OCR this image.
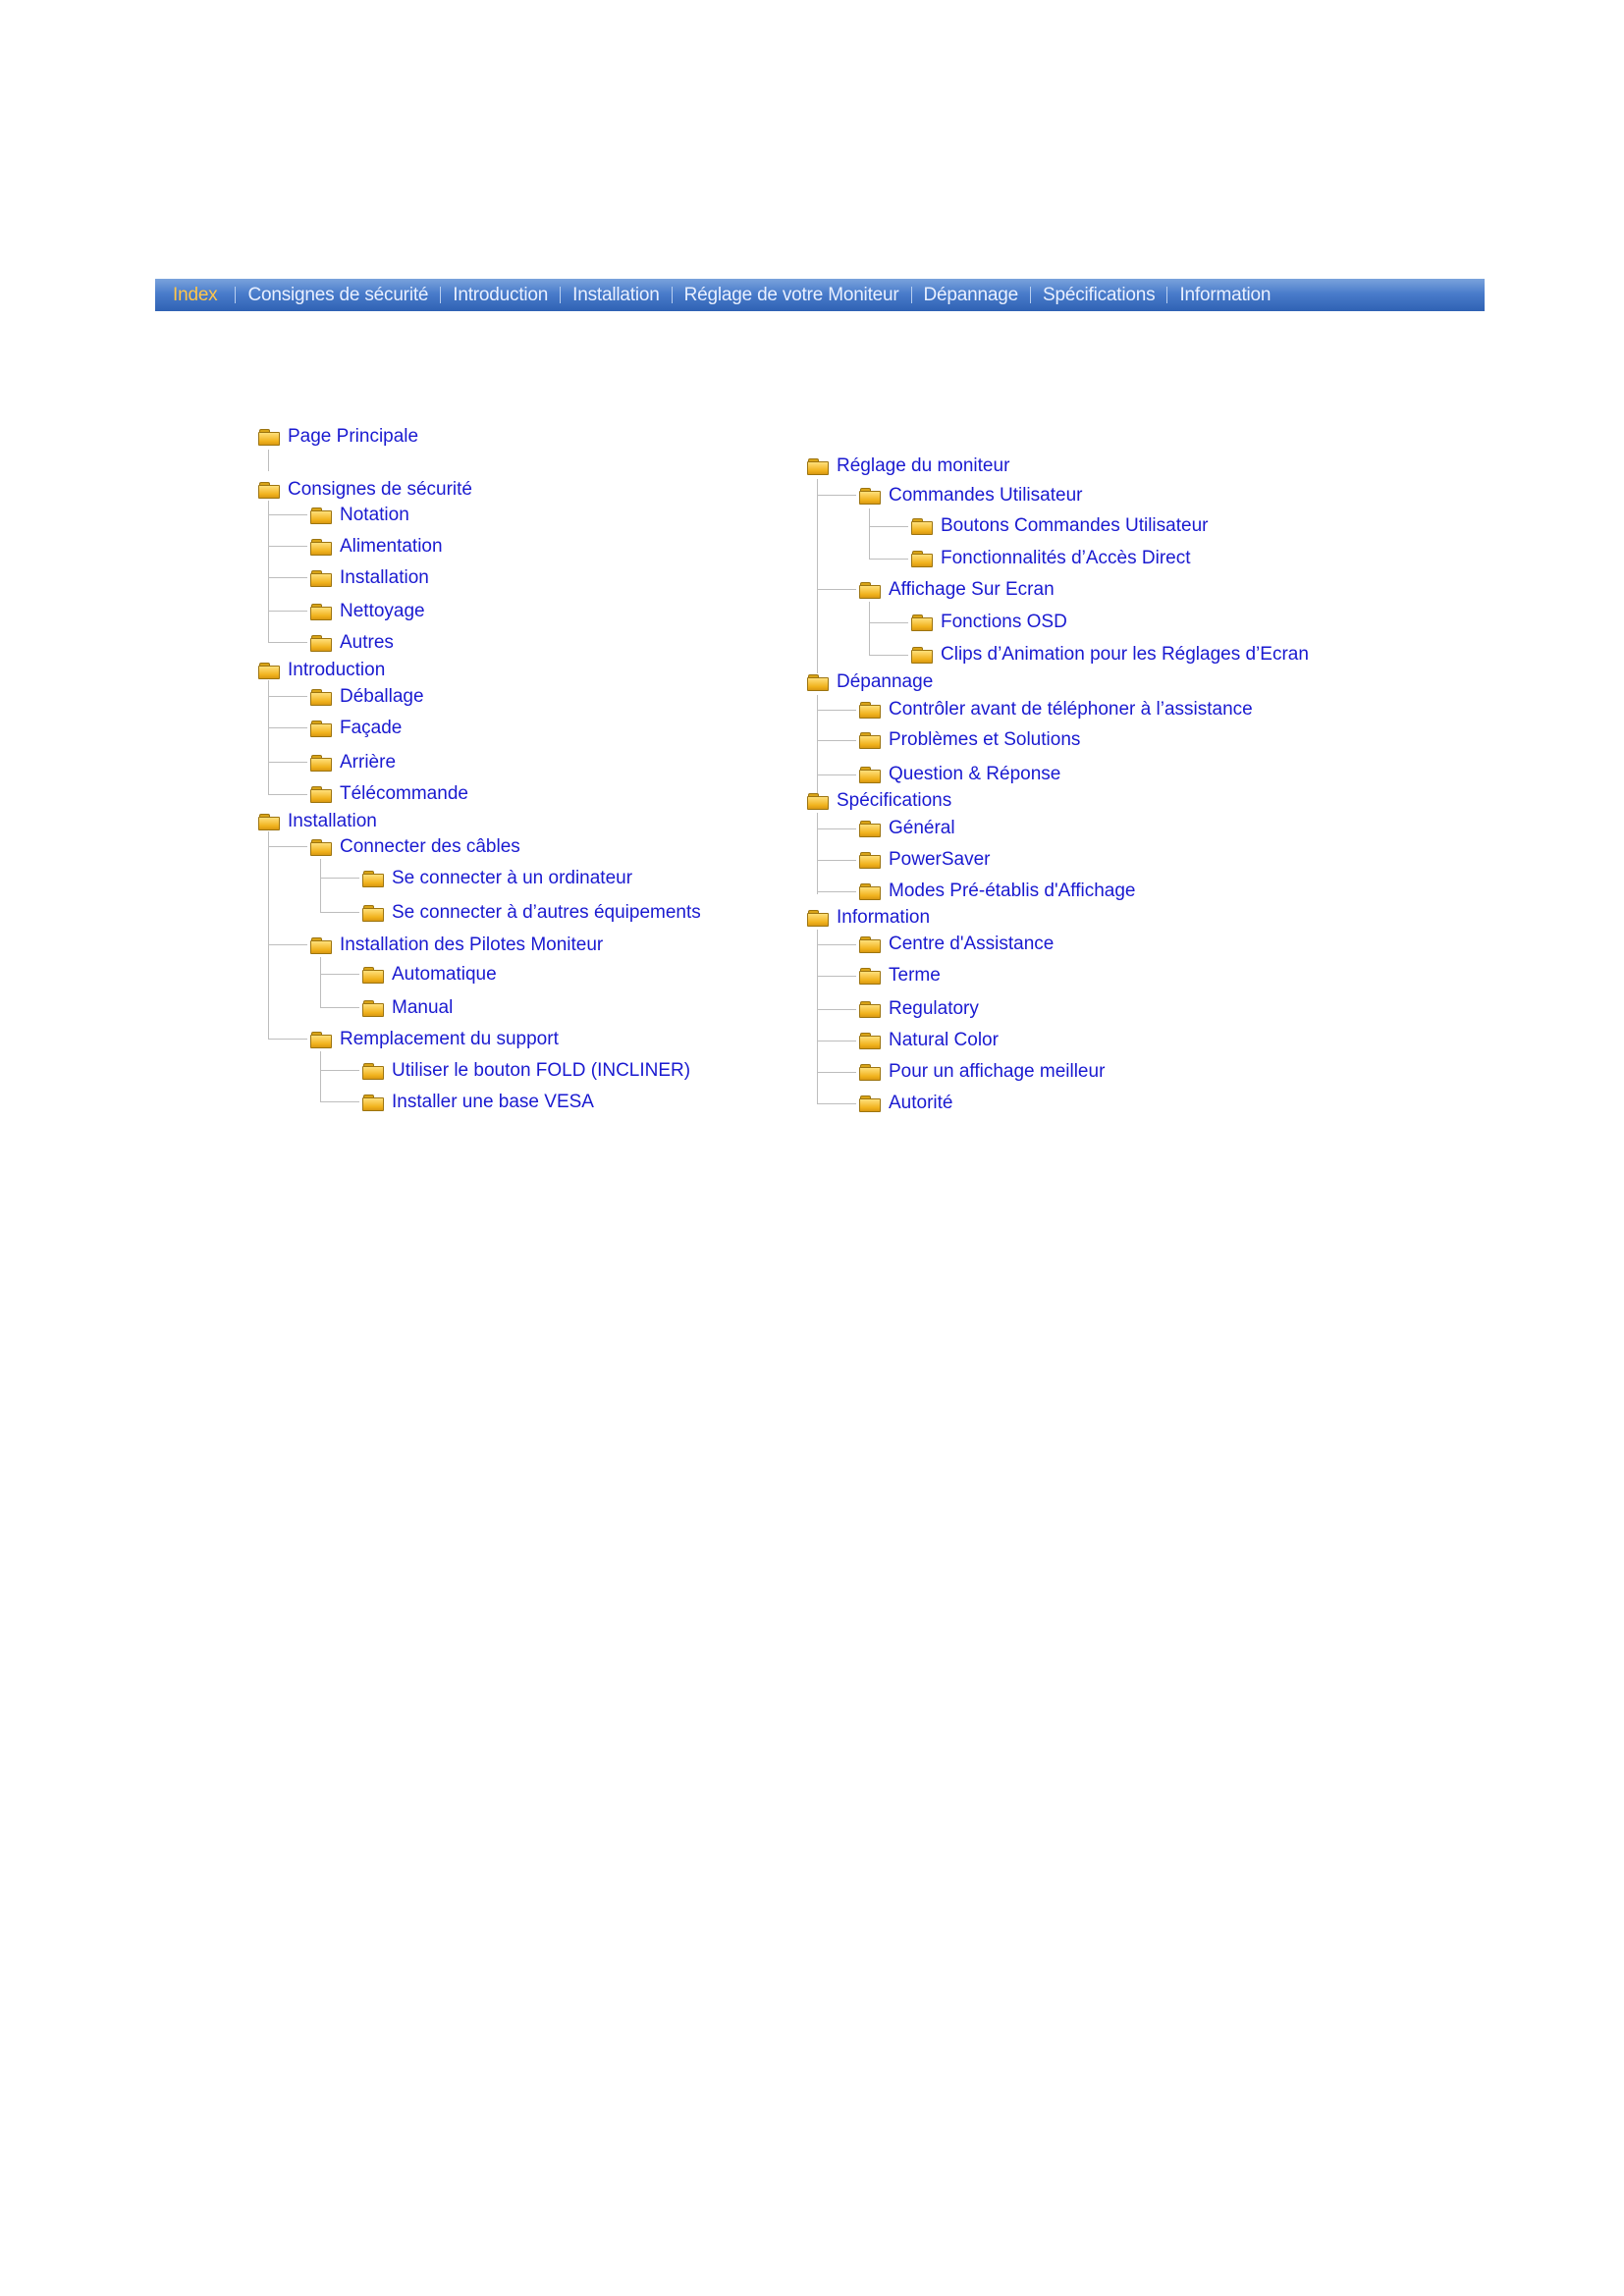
Index	Consignes de sécurité	Introduction	Installation	Réglage de votre Moniteur	Dépannage	Spécifications	Information
Page Principale
Consignes de sécurité
Notation
Alimentation
Installation
Nettoyage
Autres
Introduction
Déballage
Façade
Arrière
Télécommande
Installation
Connecter des câbles
Se connecter à un ordinateur
Se connecter à d’autres équipements
Installation des Pilotes Moniteur
Automatique
Manual
Remplacement du support
Utiliser le bouton FOLD (INCLINER)
Installer une base VESA
Réglage du moniteur
Commandes Utilisateur
Boutons Commandes Utilisateur
Fonctionnalités d’Accès Direct
Affichage Sur Ecran
Fonctions OSD
Clips d’Animation pour les Réglages d’Ecran
Dépannage
Contrôler avant de téléphoner à l’assistance
Problèmes et Solutions
Question & Réponse
Spécifications
Général
PowerSaver
Modes Pré-établis d'Affichage
Information
Centre d'Assistance
Terme
Regulatory
Natural Color
Pour un affichage meilleur
Autorité
